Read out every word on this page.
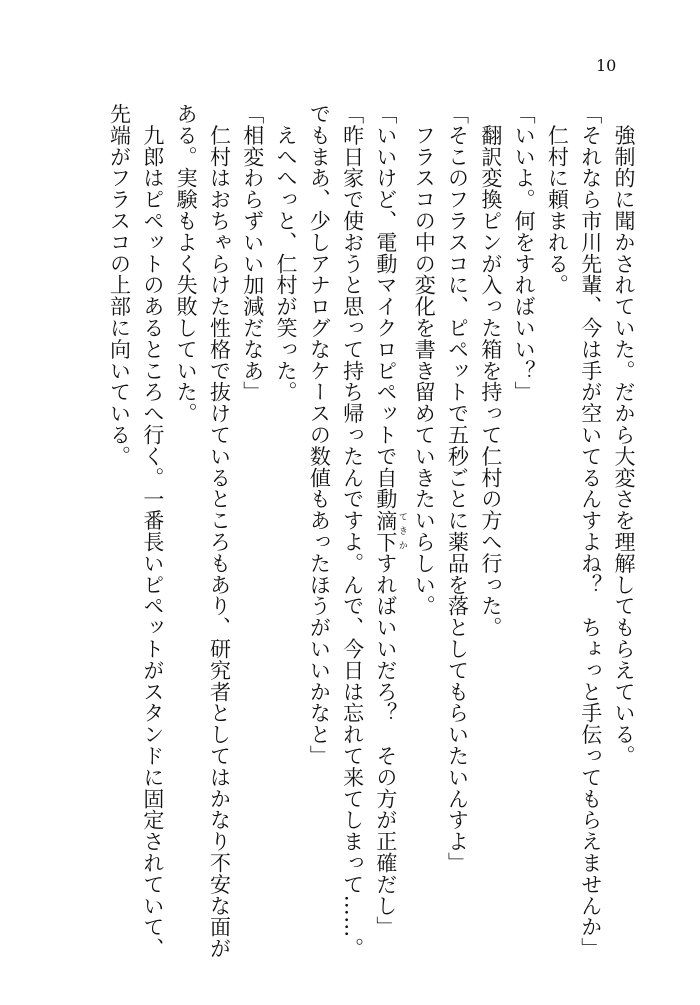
10

　強制的に聞かされていた。だから大変さを理解してもらえている。

「それなら市川先輩、今は手が空いてるんすよね？　ちょっと手伝ってもらえませんか」

　仁村に頼まれる。

「いいよ。何をすればいい？」

　翻訳変換ピンが入った箱を持って仁村の方へ行った。

「そこのフラスコに、ピペットで五秒ごとに薬品を落としてもらいたいんすよ」

　フラスコの中の変化を書き留めていきたいらしい。

「いいけど、電動マイクロピペットで自動滴下 てきかすればいいだろ？　その方が正確だし」

「昨日家で使おうと思って持ち帰ったんですよ。んで、今日は忘れて来てしまって……。

でもまあ、少しアナログなケースの数値もあったほうがいいかなと」

　えへへっと、仁村が笑った。

「相変わらずいい加減だなあ」

　仁村はおちゃらけた性格で抜けているところもあり、研究者としてはかなり不安な面が

ある。実験もよく失敗していた。

　九郎はピペットのあるところへ行く。一番長いピペットがスタンドに固定されていて、

先端がフラスコの上部に向いている。
